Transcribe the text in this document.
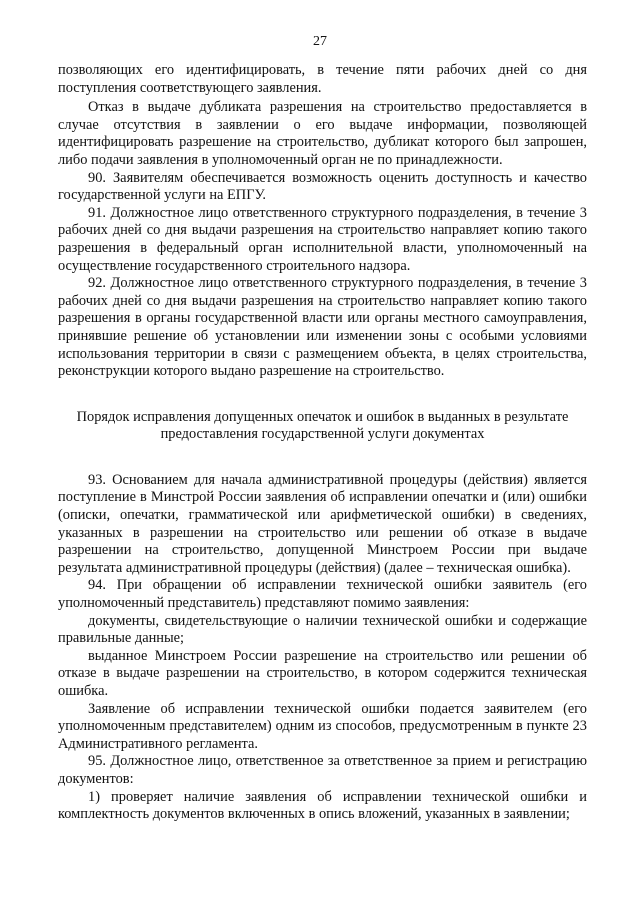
27

позволяющих его идентифицировать, в течение пяти рабочих дней со дня поступления соответствующего заявления.

Отказ в выдаче дубликата разрешения на строительство предоставляется в случае отсутствия в заявлении о его выдаче информации, позволяющей идентифицировать разрешение на строительство, дубликат которого был запрошен, либо подачи заявления в уполномоченный орган не по принадлежности.

90. Заявителям обеспечивается возможность оценить доступность и качество государственной услуги на ЕПГУ.

91. Должностное лицо ответственного структурного подразделения, в течение 3 рабочих дней со дня выдачи разрешения на строительство направляет копию такого разрешения в федеральный орган исполнительной власти, уполномоченный на осуществление государственного строительного надзора.

92. Должностное лицо ответственного структурного подразделения, в течение 3 рабочих дней со дня выдачи разрешения на строительство направляет копию такого разрешения в органы государственной власти или органы местного самоуправления, принявшие решение об установлении или изменении зоны с особыми условиями использования территории в связи с размещением объекта, в целях строительства, реконструкции которого выдано разрешение на строительство.

Порядок исправления допущенных опечаток и ошибок в выданных в результате предоставления государственной услуги документах

93. Основанием для начала административной процедуры (действия) является поступление в Минстрой России заявления об исправлении опечатки и (или) ошибки (описки, опечатки, грамматической или арифметической ошибки) в сведениях, указанных в разрешении на строительство или решении об отказе в выдаче разрешении на строительство, допущенной Минстроем России при выдаче результата административной процедуры (действия) (далее – техническая ошибка).

94. При обращении об исправлении технической ошибки заявитель (его уполномоченный представитель) представляют помимо заявления:

документы, свидетельствующие о наличии технической ошибки и содержащие правильные данные;

выданное Минстроем России разрешение на строительство или решении об отказе в выдаче разрешении на строительство, в котором содержится техническая ошибка.

Заявление об исправлении технической ошибки подается заявителем (его уполномоченным представителем) одним из способов, предусмотренным в пункте 23 Административного регламента.

95. Должностное лицо, ответственное за ответственное за прием и регистрацию документов:

1) проверяет наличие заявления об исправлении технической ошибки и комплектность документов включенных в опись вложений, указанных в заявлении;
